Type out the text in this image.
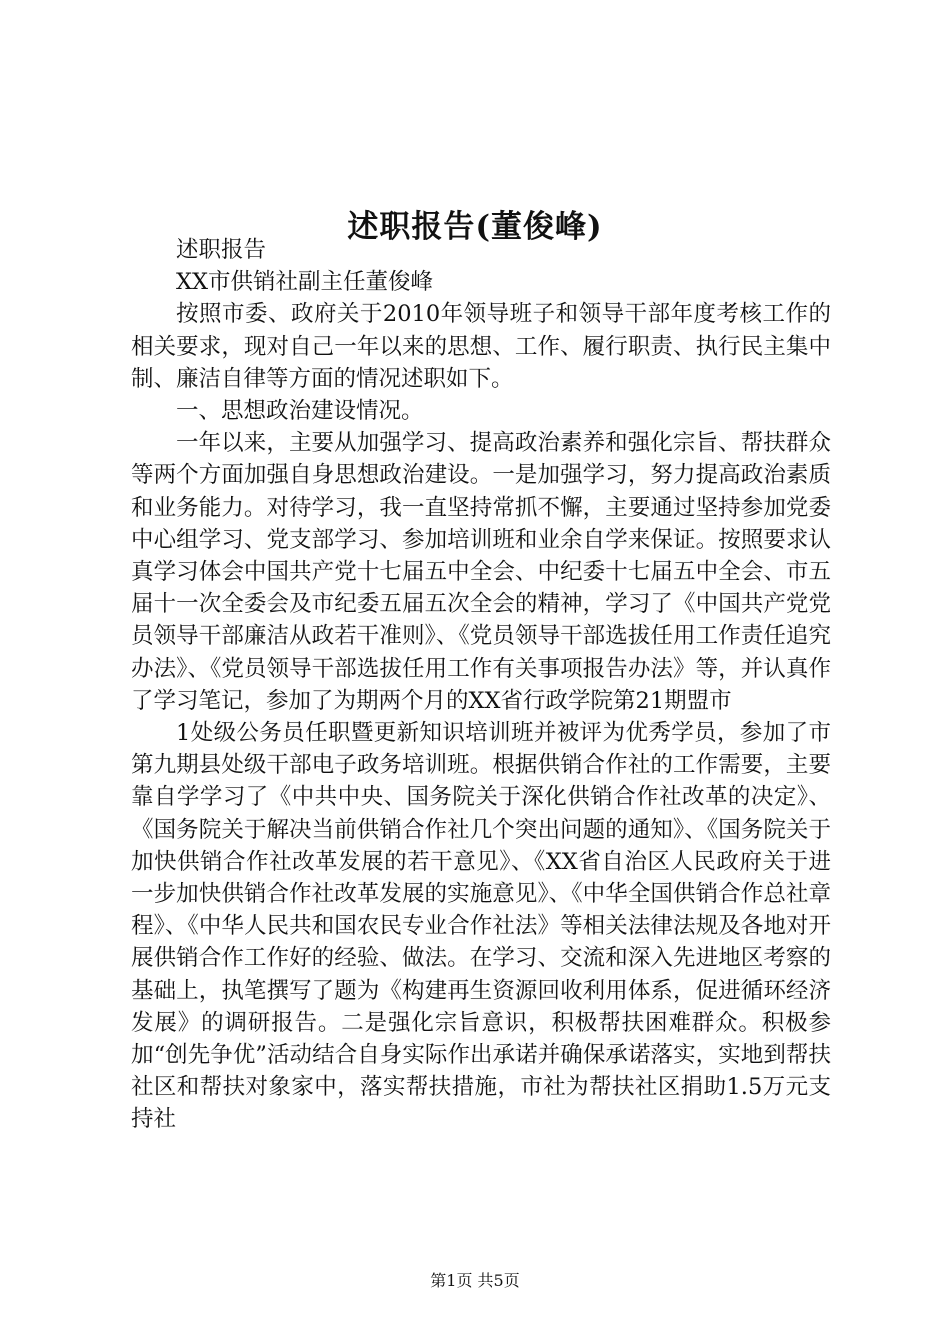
述职报告(董俊峰)

述职报告

XX市供销社副主任董俊峰

按照市委、政府关于2010年领导班子和领导干部年度考核工作的相关要求，现对自己一年以来的思想、工作、履行职责、执行民主集中制、廉洁自律等方面的情况述职如下。

一、思想政治建设情况。

一年以来，主要从加强学习、提高政治素养和强化宗旨、帮扶群众等两个方面加强自身思想政治建设。一是加强学习，努力提高政治素质和业务能力。对待学习，我一直坚持常抓不懈，主要通过坚持参加党委中心组学习、党支部学习、参加培训班和业余自学来保证。按照要求认真学习体会中国共产党十七届五中全会、中纪委十七届五中全会、市五届十一次全委会及市纪委五届五次全会的精神，学习了《中国共产党党员领导干部廉洁从政若干准则》、《党员领导干部选拔任用工作责任追究办法》、《党员领导干部选拔任用工作有关事项报告办法》等，并认真作了学习笔记，参加了为期两个月的XX省行政学院第21期盟市

1处级公务员任职暨更新知识培训班并被评为优秀学员，参加了市第九期县处级干部电子政务培训班。根据供销合作社的工作需要，主要靠自学学习了《中共中央、国务院关于深化供销合作社改革的决定》、《国务院关于解决当前供销合作社几个突出问题的通知》、《国务院关于加快供销合作社改革发展的若干意见》、《XX省自治区人民政府关于进一步加快供销合作社改革发展的实施意见》、《中华全国供销合作总社章程》、《中华人民共和国农民专业合作社法》等相关法律法规及各地对开展供销合作工作好的经验、做法。在学习、交流和深入先进地区考察的基础上，执笔撰写了题为《构建再生资源回收利用体系，促进循环经济发展》的调研报告。二是强化宗旨意识，积极帮扶困难群众。积极参加“创先争优”活动结合自身实际作出承诺并确保承诺落实，实地到帮扶社区和帮扶对象家中，落实帮扶措施，市社为帮扶社区捐助1.5万元支持社

第1页 共5页
